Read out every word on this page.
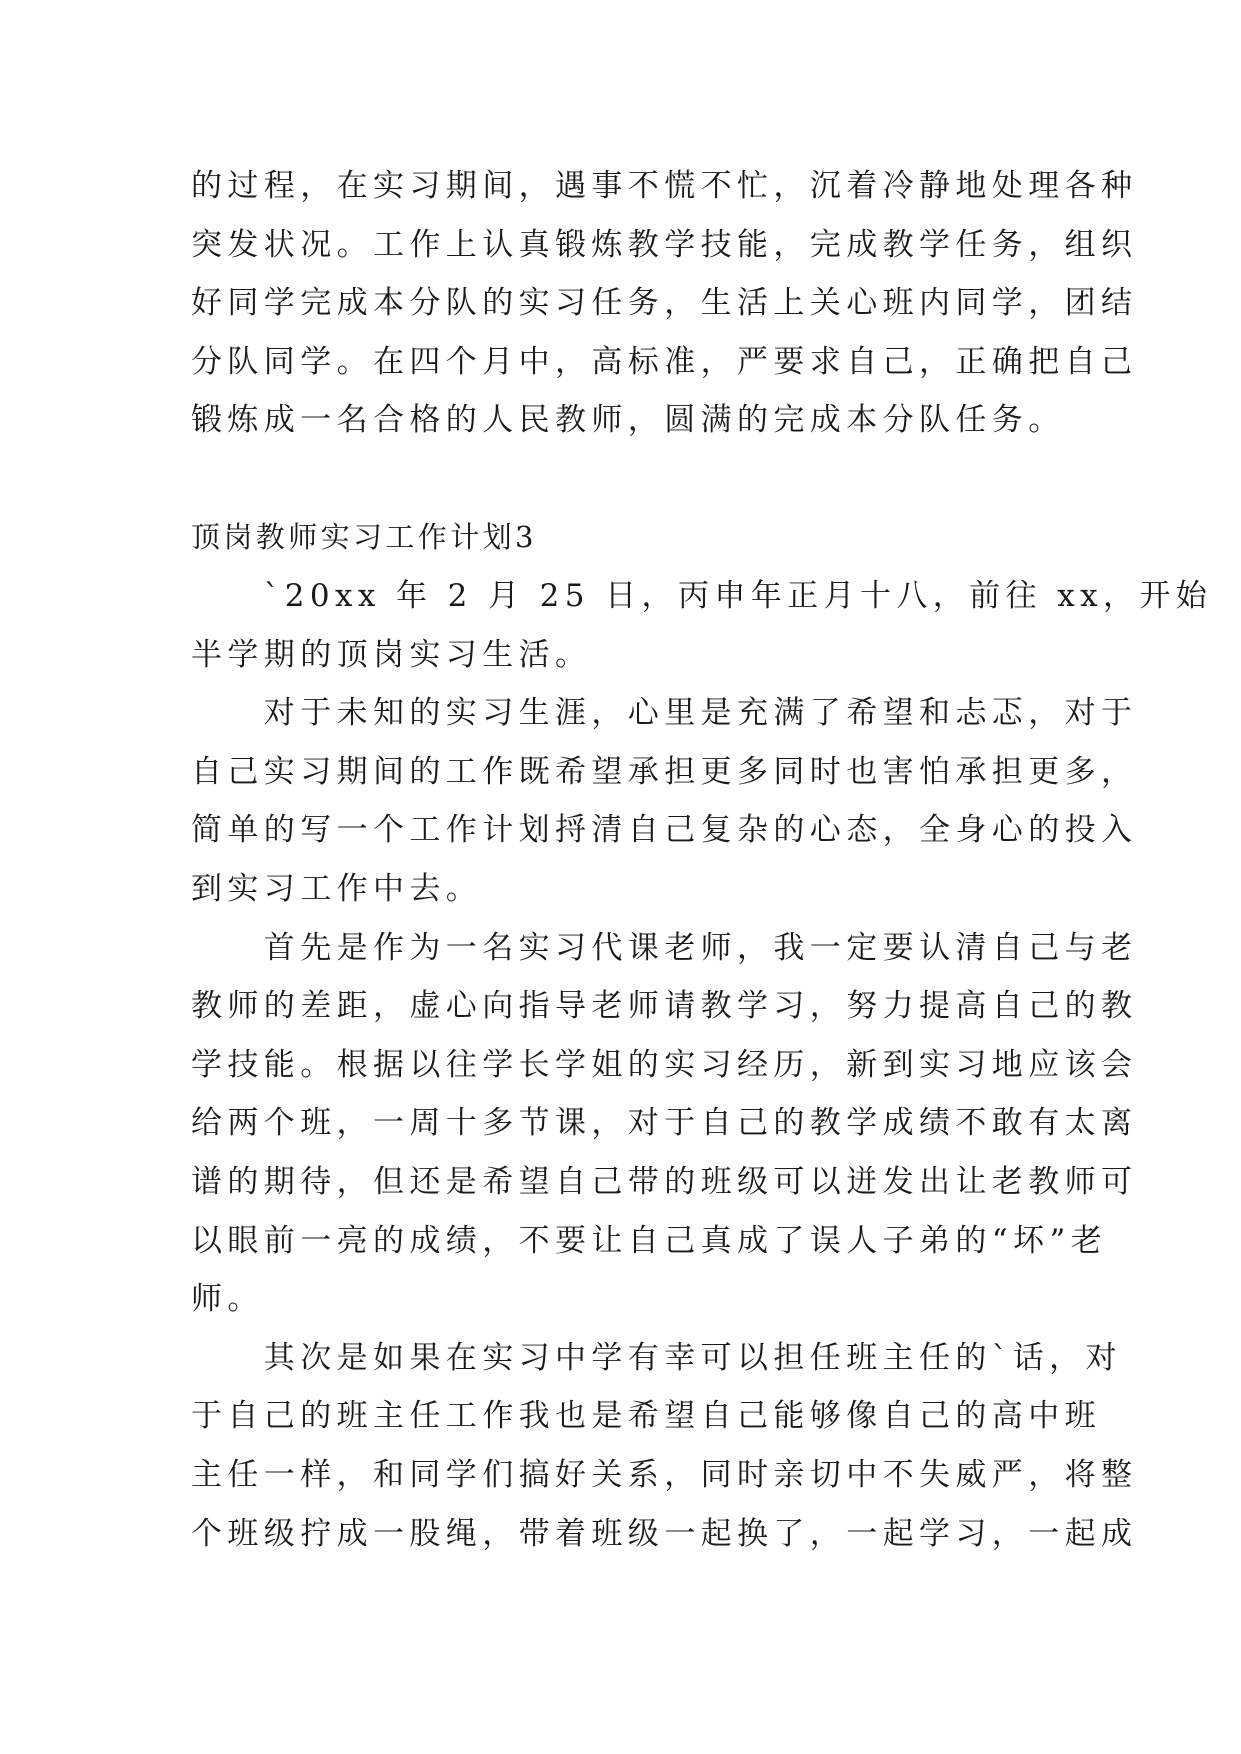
的过程，在实习期间，遇事不慌不忙，沉着冷静地处理各种
突发状况。工作上认真锻炼教学技能，完成教学任务，组织
好同学完成本分队的实习任务，生活上关心班内同学，团结
分队同学。在四个月中，高标准，严要求自己，正确把自己
锻炼成一名合格的人民教师，圆满的完成本分队任务。
顶岗教师实习工作计划3
　　`20xx 年 2 月 25 日，丙申年正月十八，前往 xx，开始
半学期的顶岗实习生活。
　　对于未知的实习生涯，心里是充满了希望和忐忑，对于
自己实习期间的工作既希望承担更多同时也害怕承担更多，
简单的写一个工作计划捋清自己复杂的心态，全身心的投入
到实习工作中去。
　　首先是作为一名实习代课老师，我一定要认清自己与老
教师的差距，虚心向指导老师请教学习，努力提高自己的教
学技能。根据以往学长学姐的实习经历，新到实习地应该会
给两个班，一周十多节课，对于自己的教学成绩不敢有太离
谱的期待，但还是希望自己带的班级可以迸发出让老教师可
以眼前一亮的成绩，不要让自己真成了误人子弟的“坏”老
师。
　　其次是如果在实习中学有幸可以担任班主任的`话，对
于自己的班主任工作我也是希望自己能够像自己的高中班
主任一样，和同学们搞好关系，同时亲切中不失威严，将整
个班级拧成一股绳，带着班级一起换了，一起学习，一起成
